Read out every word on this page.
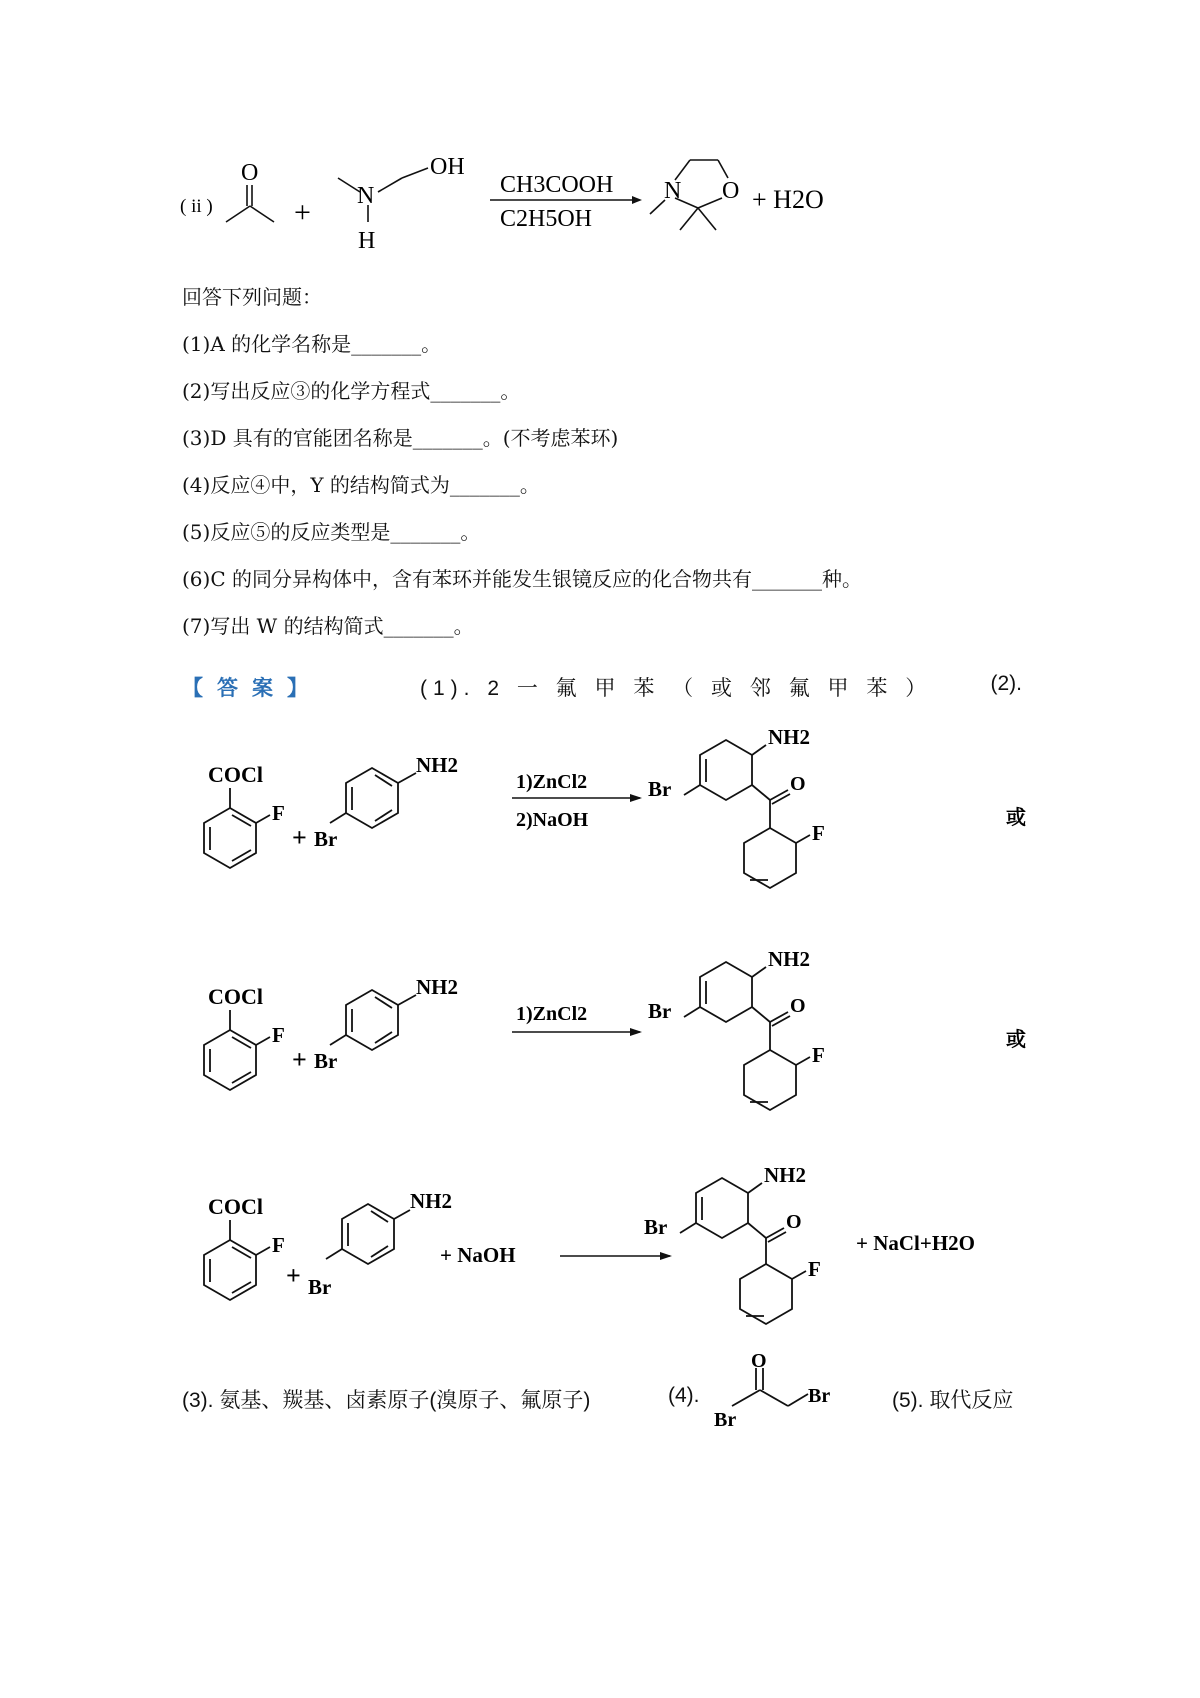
( ii )
O
+ N
H
OH
CH3COOH
C2H5OH
N O + H2O
回答下列问题：
(1)A 的化学名称是_______。
(2)写出反应③的化学方程式_______。
(3)D 具有的官能团名称是_______。(不考虑苯环)
(4)反应④中，Y 的结构简式为_______。
(5)反应⑤的反应类型是_______。
(6)C 的同分异构体中，含有苯环并能发生银镜反应的化合物共有_______种。
(7)写出 W 的结构简式_______。
【答案】	(1). 2 一 氟 甲 苯 （ 或 邻 氟 甲 苯 ）	(2).
COCl
F
+
NH2
Br
1)ZnCl2
2)NaOH
NH2
O
Br
F
或
COCl
F
+
NH2
Br
1)ZnCl2
NH2
O
Br
F
或
COCl
F
+
NH2
Br
+ NaOH
NH2
O
Br
F
+ NaCl+H2O
(3). 氨基、羰基、卤素原子(溴原子、氟原子)	(4).
O
Br
Br	(5). 取代反应
